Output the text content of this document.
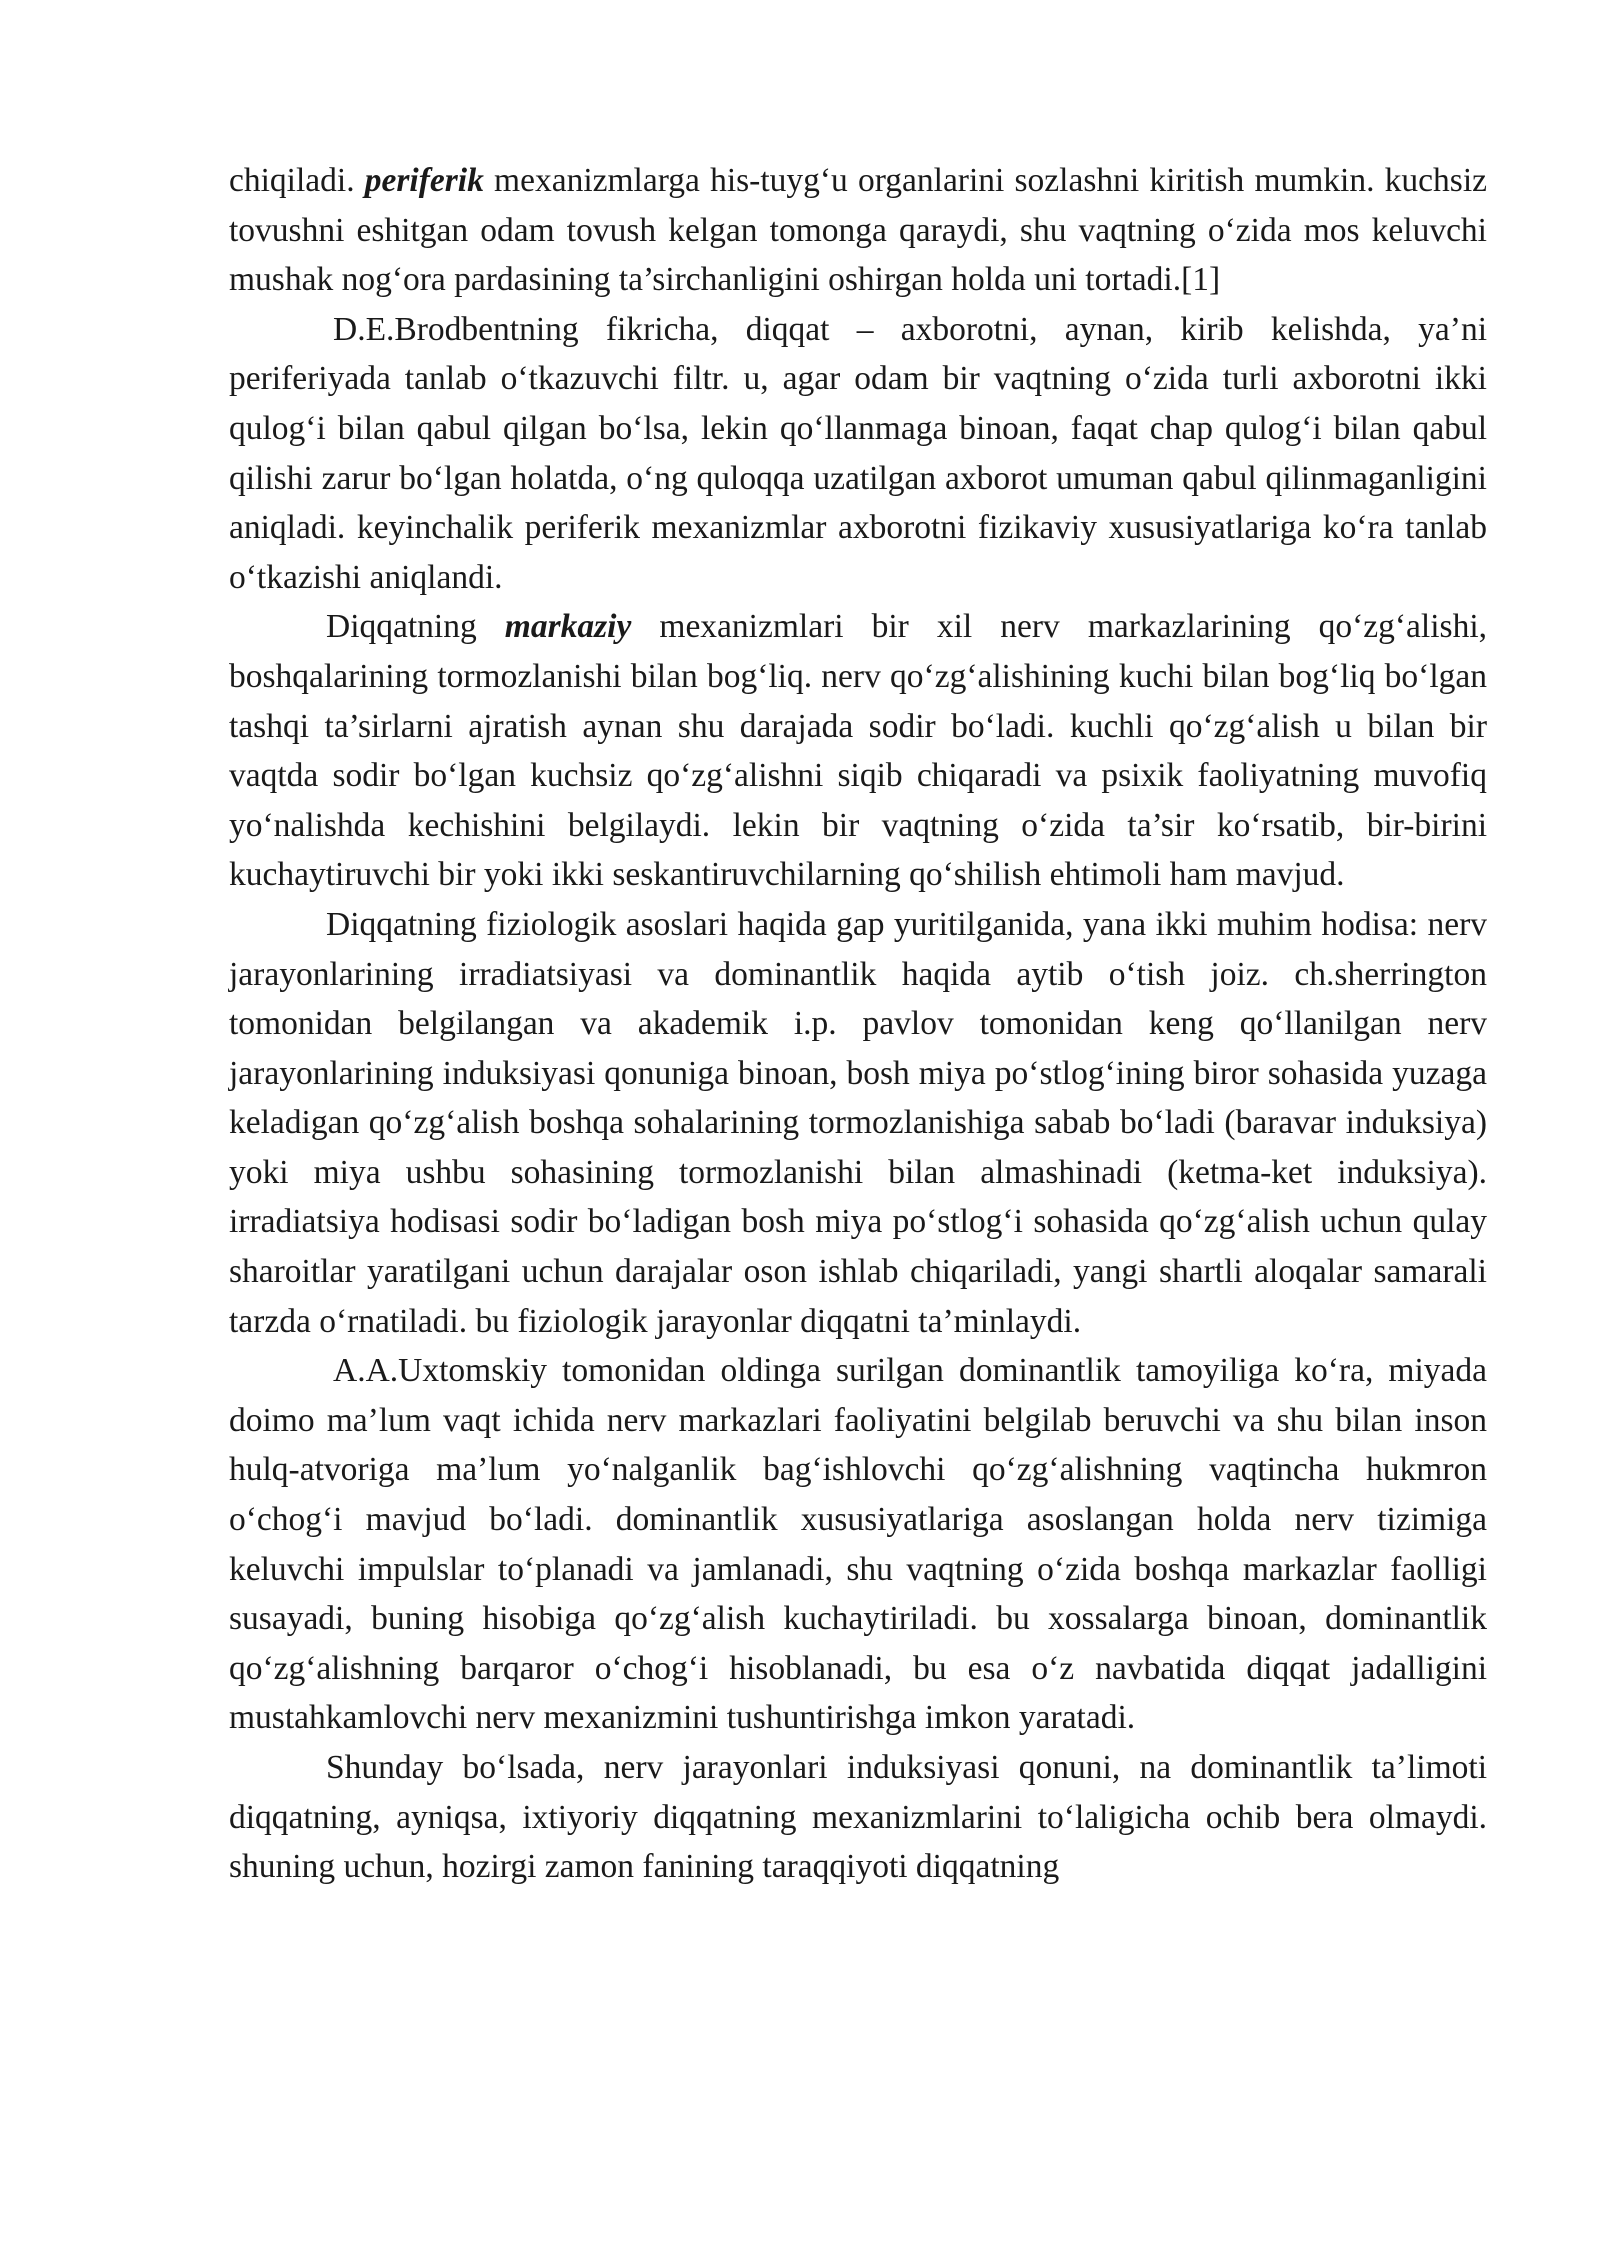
chiqiladi. periferik mexanizmlarga his-tuygʻu organlarini sozlashni kiritish mumkin. kuchsiz tovushni eshitgan odam tovush kelgan tomonga qaraydi, shu vaqtning oʻzida mos keluvchi mushak nogʻora pardasining ta’sirchanligini oshirgan holda uni tortadi.[1]

D.E.Brodbentning fikricha, diqqat – axborotni, aynan, kirib kelishda, ya’ni periferiyada tanlab oʻtkazuvchi filtr. u, agar odam bir vaqtning oʻzida turli axborotni ikki qulogʻi bilan qabul qilgan boʻlsa, lekin qoʻllanmaga binoan, faqat chap qulogʻi bilan qabul qilishi zarur boʻlgan holatda, oʻng quloqqa uzatilgan axborot umuman qabul qilinmaganligini aniqladi. keyinchalik periferik mexanizmlar axborotni fizikaviy xususiyatlariga koʻra tanlab oʻtkazishi aniqlandi.

Diqqatning markaziy mexanizmlari bir xil nerv markazlarining qoʻzgʻalishi, boshqalarining tormozlanishi bilan bogʻliq. nerv qoʻzgʻalishining kuchi bilan bogʻliq boʻlgan tashqi ta’sirlarni ajratish aynan shu darajada sodir boʻladi. kuchli qoʻzgʻalish u bilan bir vaqtda sodir boʻlgan kuchsiz qoʻzgʻalishni siqib chiqaradi va psixik faoliyatning muvofiq yoʻnalishda kechishini belgilaydi. lekin bir vaqtning oʻzida ta’sir koʻrsatib, bir-birini kuchaytiruvchi bir yoki ikki seskantiruvchilarning qoʻshilish ehtimoli ham mavjud.

Diqqatning fiziologik asoslari haqida gap yuritilganida, yana ikki muhim hodisa: nerv jarayonlarining irradiatsiyasi va dominantlik haqida aytib oʻtish joiz. ch.sherrington tomonidan belgilangan va akademik i.p. pavlov tomonidan keng qoʻllanilgan nerv jarayonlarining induksiyasi qonuniga binoan, bosh miya poʻstlogʻining biror sohasida yuzaga keladigan qoʻzgʻalish boshqa sohalarining tormozlanishiga sabab boʻladi (baravar induksiya) yoki miya ushbu sohasining tormozlanishi bilan almashinadi (ketma-ket induksiya). irradiatsiya hodisasi sodir boʻladigan bosh miya poʻstlogʻi sohasida qoʻzgʻalish uchun qulay sharoitlar yaratilgani uchun darajalar oson ishlab chiqariladi, yangi shartli aloqalar samarali tarzda oʻrnatiladi. bu fiziologik jarayonlar diqqatni ta’minlaydi.

A.A.Uxtomskiy tomonidan oldinga surilgan dominantlik tamoyiliga koʻra, miyada doimo ma’lum vaqt ichida nerv markazlari faoliyatini belgilab beruvchi va shu bilan inson hulq-atvoriga ma’lum yoʻnalganlik bagʻishlovchi qoʻzgʻalishning vaqtincha hukmron oʻchogʻi mavjud boʻladi. dominantlik xususiyatlariga asoslangan holda nerv tizimiga keluvchi impulslar toʻplanadi va jamlanadi, shu vaqtning oʻzida boshqa markazlar faolligi susayadi, buning hisobiga qoʻzgʻalish kuchaytiriladi. bu xossalarga binoan, dominantlik qoʻzgʻalishning barqaror oʻchogʻi hisoblanadi, bu esa oʻz navbatida diqqat jadalligini mustahkamlovchi nerv mexanizmini tushuntirishga imkon yaratadi.

Shunday boʻlsada, nerv jarayonlari induksiyasi qonuni, na dominantlik ta’limoti diqqatning, ayniqsa, ixtiyoriy diqqatning mexanizmlarini toʻlaligicha ochib bera olmaydi. shuning uchun, hozirgi zamon fanining taraqqiyoti diqqatning
